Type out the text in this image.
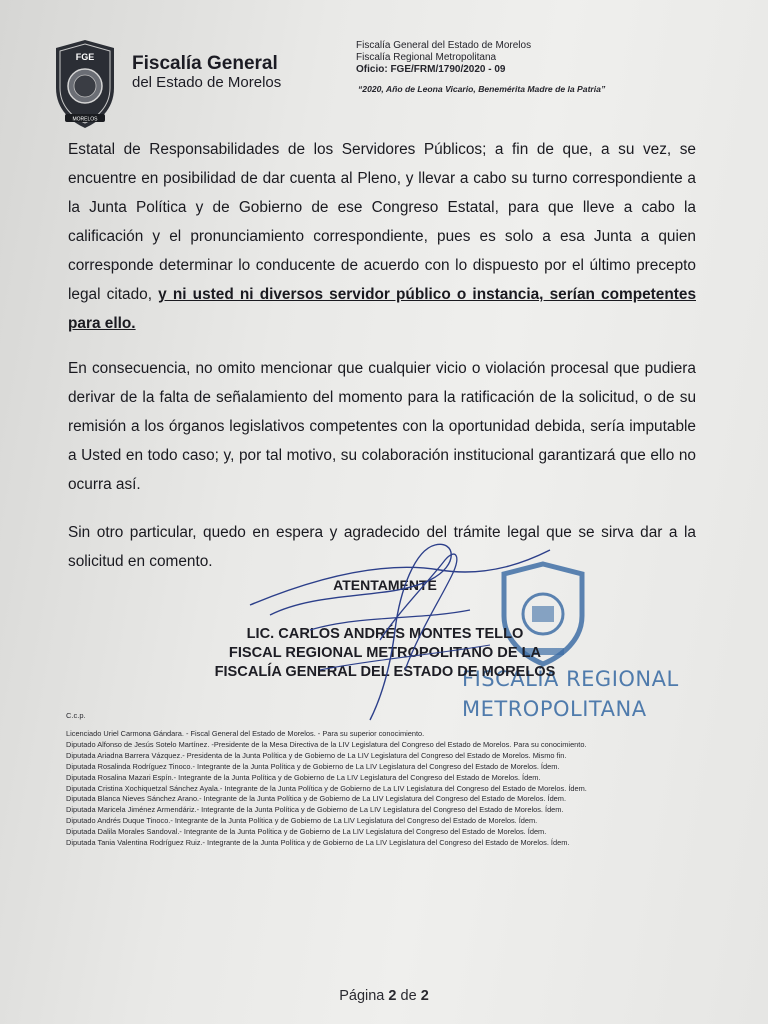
FGE
MORELOS
Fiscalía General
del Estado de Morelos
Fiscalía General del Estado de Morelos
Fiscalía Regional Metropolitana
Oficio: FGE/FRM/1790/2020 - 09
“2020, Año de Leona Vicario, Benemérita Madre de la Patria”
Estatal de Responsabilidades de los Servidores Públicos; a fin de que, a su vez, se encuentre en posibilidad de dar cuenta al Pleno, y llevar a cabo su turno correspondiente a la Junta Política y de Gobierno de ese Congreso Estatal, para que lleve a cabo la calificación y el pronunciamiento correspondiente, pues es solo a esa Junta a quien corresponde determinar lo conducente de acuerdo con lo dispuesto por el último precepto legal citado, y ni usted ni diversos servidor público o instancia, serían competentes para ello.
En consecuencia, no omito mencionar que cualquier vicio o violación procesal que pudiera derivar de la falta de señalamiento del momento para la ratificación de la solicitud, o de su remisión a los órganos legislativos competentes con la oportunidad debida, sería imputable a Usted en todo caso; y, por tal motivo, su colaboración institucional garantizará que ello no ocurra así.
Sin otro particular, quedo en espera y agradecido del trámite legal que se sirva dar a la solicitud en comento.
FISCALÍA REGIONAL
METROPOLITANA
ATENTAMENTE
LIC. CARLOS ANDRÉS MONTES TELLO
FISCAL REGIONAL METROPOLITANO DE LA
FISCALÍA GENERAL DEL ESTADO DE MORELOS
C.c.p.
Licenciado Uriel Carmona Gándara. - Fiscal General del Estado de Morelos. - Para su superior conocimiento.
Diputado Alfonso de Jesús Sotelo Martínez. -Presidente de la Mesa Directiva de la LIV Legislatura del Congreso del Estado de Morelos. Para su conocimiento.
Diputada Ariadna Barrera Vázquez.- Presidenta de la Junta Política y de Gobierno de La LIV Legislatura del Congreso del Estado de Morelos. Mismo fin.
Diputada Rosalinda Rodríguez Tinoco.- Integrante de la Junta Política y de Gobierno de La LIV Legislatura del Congreso del Estado de Morelos. Ídem.
Diputada Rosalina Mazari Espín.- Integrante de la Junta Política y de Gobierno de La LIV Legislatura del Congreso del Estado de Morelos. Ídem.
Diputada Cristina Xochiquetzal Sánchez Ayala.- Integrante de la Junta Política y de Gobierno de La LIV Legislatura del Congreso del Estado de Morelos. Ídem.
Diputada Blanca Nieves Sánchez Arano.- Integrante de la Junta Política y de Gobierno de La LIV Legislatura del Congreso del Estado de Morelos. Ídem.
Diputada Maricela Jiménez Armendáriz.- Integrante de la Junta Política y de Gobierno de La LIV Legislatura del Congreso del Estado de Morelos. Ídem.
Diputado Andrés Duque Tinoco.- Integrante de la Junta Política y de Gobierno de La LIV Legislatura del Congreso del Estado de Morelos. Ídem.
Diputada Dalila Morales Sandoval.- Integrante de la Junta Política y de Gobierno de La LIV Legislatura del Congreso del Estado de Morelos. Ídem.
Diputada Tania Valentina Rodríguez Ruiz.- Integrante de la Junta Política y de Gobierno de La LIV Legislatura del Congreso del Estado de Morelos. Ídem.
Página 2 de 2
